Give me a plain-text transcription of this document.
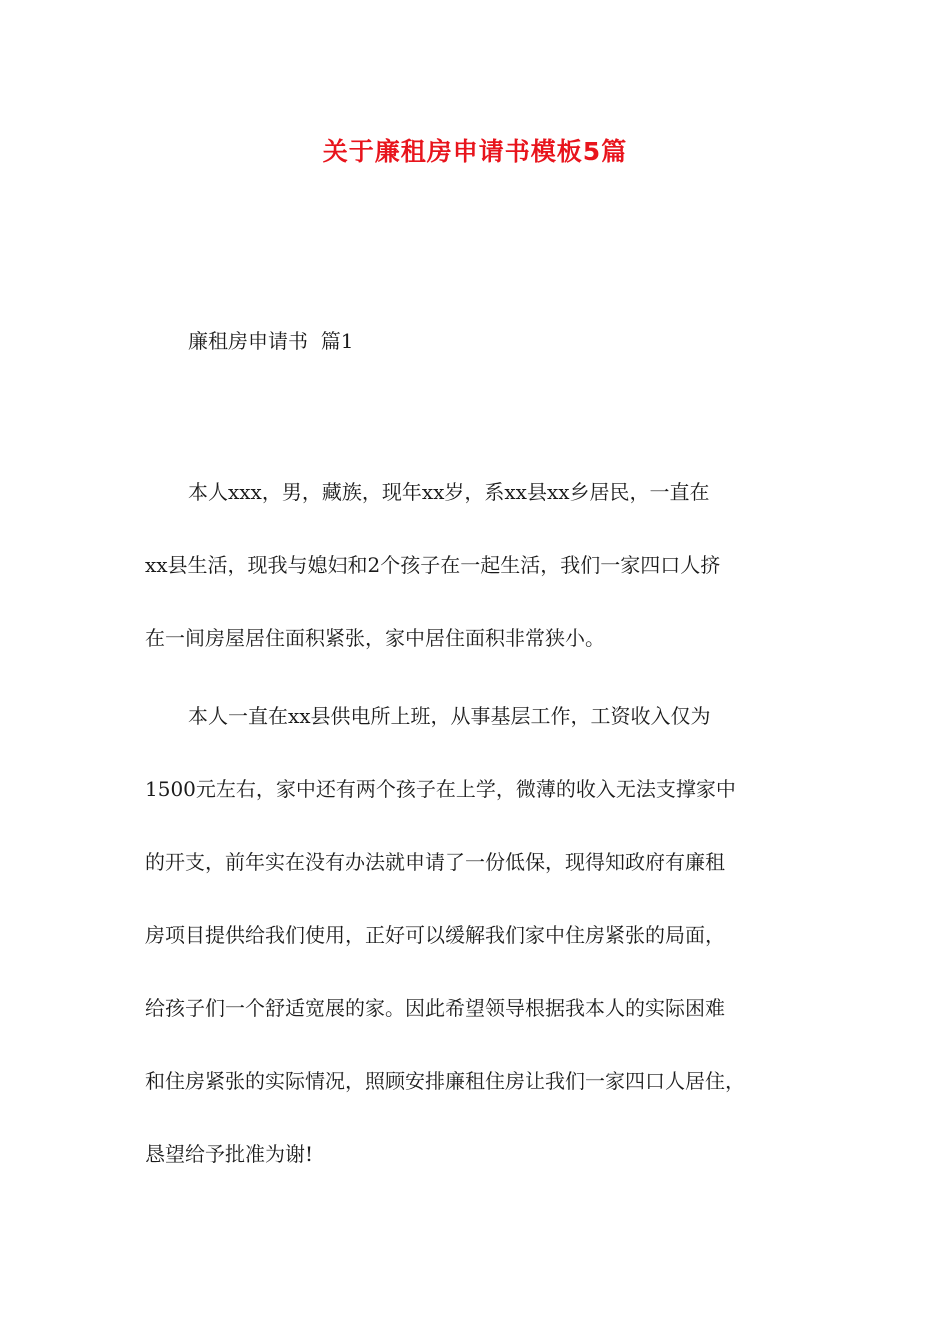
关于廉租房申请书模板5篇
廉租房申请书  篇1
本人xxx，男，藏族，现年xx岁，系xx县xx乡居民，一直在
xx县生活，现我与媳妇和2个孩子在一起生活，我们一家四口人挤
在一间房屋居住面积紧张，家中居住面积非常狭小。
本人一直在xx县供电所上班，从事基层工作，工资收入仅为
1500元左右，家中还有两个孩子在上学，微薄的收入无法支撑家中
的开支，前年实在没有办法就申请了一份低保，现得知政府有廉租
房项目提供给我们使用，正好可以缓解我们家中住房紧张的局面，
给孩子们一个舒适宽展的家。因此希望领导根据我本人的实际困难
和住房紧张的实际情况，照顾安排廉租住房让我们一家四口人居住，
恳望给予批准为谢!
